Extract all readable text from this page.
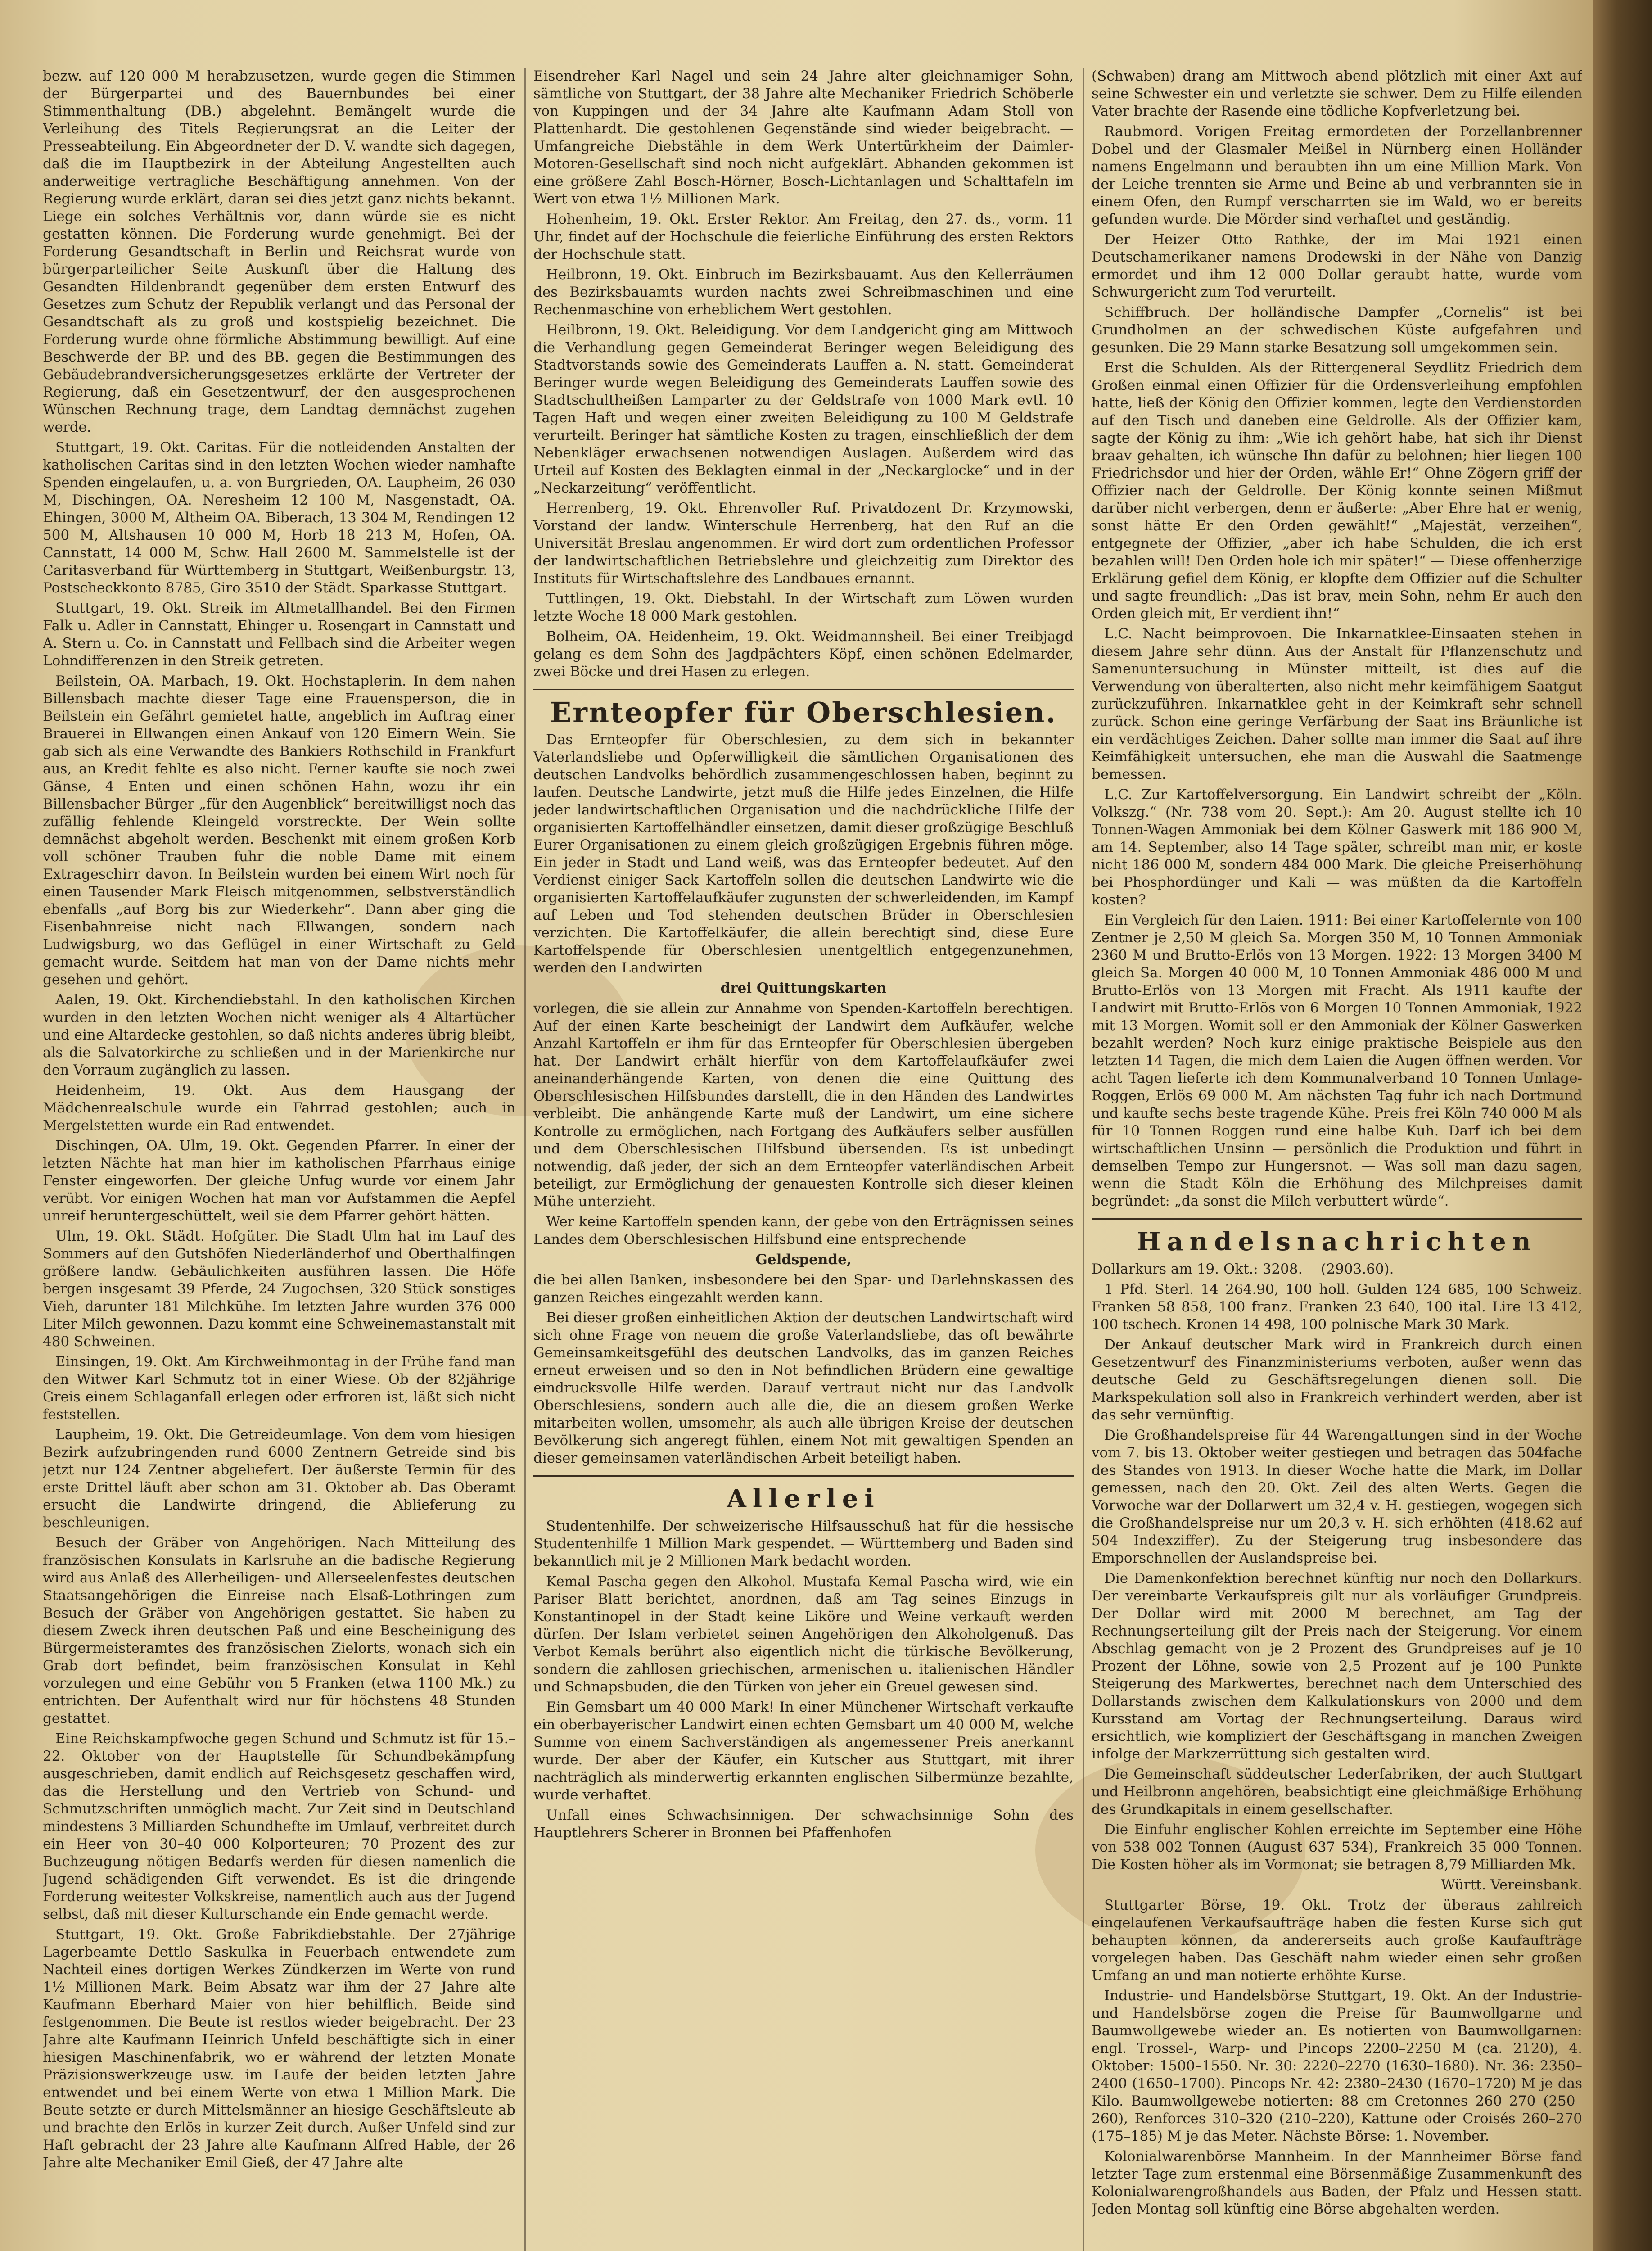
bezw. auf 120 000 M herabzusetzen, wurde gegen die Stimmen der Bürgerpartei und des Bauernbundes bei einer Stimmenthaltung (DB.) abgelehnt. Bemängelt wurde die Verleihung des Titels Regierungsrat an die Leiter der Presseabteilung. Ein Abgeordneter der D. V. wandte sich dagegen, daß die im Hauptbezirk in der Abteilung Angestellten auch anderweitige vertragliche Beschäftigung annehmen. Von der Regierung wurde erklärt, daran sei dies jetzt ganz nichts bekannt. Liege ein solches Verhältnis vor, dann würde sie es nicht gestatten können. Die Forderung wurde genehmigt. Bei der Forderung Gesandtschaft in Berlin und Reichsrat wurde von bürgerparteilicher Seite Auskunft über die Haltung des Gesandten Hildenbrandt gegenüber dem ersten Entwurf des Gesetzes zum Schutz der Republik verlangt und das Personal der Gesandtschaft als zu groß und kostspielig bezeichnet. Die Forderung wurde ohne förmliche Abstimmung bewilligt. Auf eine Beschwerde der BP. und des BB. gegen die Bestimmungen des Gebäudebrandversicherungsgesetzes erklärte der Vertreter der Regierung, daß ein Gesetzentwurf, der den ausgesprochenen Wünschen Rechnung trage, dem Landtag demnächst zugehen werde.

Stuttgart, 19. Okt. Caritas. Für die notleidenden Anstalten der katholischen Caritas sind in den letzten Wochen wieder namhafte Spenden eingelaufen, u. a. von Burgrieden, OA. Laupheim, 26 030 M, Dischingen, OA. Neresheim 12 100 M, Nasgenstadt, OA. Ehingen, 3000 M, Altheim OA. Biberach, 13 304 M, Rendingen 12 500 M, Altshausen 10 000 M, Horb 18 213 M, Hofen, OA. Cannstatt, 14 000 M, Schw. Hall 2600 M. Sammelstelle ist der Caritasverband für Württemberg in Stuttgart, Weißenburgstr. 13, Postscheckkonto 8785, Giro 3510 der Städt. Sparkasse Stuttgart.

Stuttgart, 19. Okt. Streik im Altmetallhandel. Bei den Firmen Falk u. Adler in Cannstatt, Ehinger u. Rosengart in Cannstatt und A. Stern u. Co. in Cannstatt und Fellbach sind die Arbeiter wegen Lohndifferenzen in den Streik getreten.

Beilstein, OA. Marbach, 19. Okt. Hochstaplerin. In dem nahen Billensbach machte dieser Tage eine Frauensperson, die in Beilstein ein Gefährt gemietet hatte, angeblich im Auftrag einer Brauerei in Ellwangen einen Ankauf von 120 Eimern Wein. Sie gab sich als eine Verwandte des Bankiers Rothschild in Frankfurt aus, an Kredit fehlte es also nicht. Ferner kaufte sie noch zwei Gänse, 4 Enten und einen schönen Hahn, wozu ihr ein Billensbacher Bürger „für den Augenblick“ bereitwilligst noch das zufällig fehlende Kleingeld vorstreckte. Der Wein sollte demnächst abgeholt werden. Beschenkt mit einem großen Korb voll schöner Trauben fuhr die noble Dame mit einem Extrageschirr davon. In Beilstein wurden bei einem Wirt noch für einen Tausender Mark Fleisch mitgenommen, selbstverständlich ebenfalls „auf Borg bis zur Wiederkehr“. Dann aber ging die Eisenbahnreise nicht nach Ellwangen, sondern nach Ludwigsburg, wo das Geflügel in einer Wirtschaft zu Geld gemacht wurde. Seitdem hat man von der Dame nichts mehr gesehen und gehört.

Aalen, 19. Okt. Kirchendiebstahl. In den katholischen Kirchen wurden in den letzten Wochen nicht weniger als 4 Altartücher und eine Altardecke gestohlen, so daß nichts anderes übrig bleibt, als die Salvatorkirche zu schließen und in der Marienkirche nur den Vorraum zugänglich zu lassen.

Heidenheim, 19. Okt. Aus dem Hausgang der Mädchenrealschule wurde ein Fahrrad gestohlen; auch in Mergelstetten wurde ein Rad entwendet.

Dischingen, OA. Ulm, 19. Okt. Gegenden Pfarrer. In einer der letzten Nächte hat man hier im katholischen Pfarrhaus einige Fenster eingeworfen. Der gleiche Unfug wurde vor einem Jahr verübt. Vor einigen Wochen hat man vor Aufstammen die Aepfel unreif heruntergeschüttelt, weil sie dem Pfarrer gehört hätten.

Ulm, 19. Okt. Städt. Hofgüter. Die Stadt Ulm hat im Lauf des Sommers auf den Gutshöfen Niederländerhof und Oberthalfingen größere landw. Gebäulichkeiten ausführen lassen. Die Höfe bergen insgesamt 39 Pferde, 24 Zugochsen, 320 Stück sonstiges Vieh, darunter 181 Milchkühe. Im letzten Jahre wurden 376 000 Liter Milch gewonnen. Dazu kommt eine Schweinemastanstalt mit 480 Schweinen.

Einsingen, 19. Okt. Am Kirchweihmontag in der Frühe fand man den Witwer Karl Schmutz tot in einer Wiese. Ob der 82jährige Greis einem Schlaganfall erlegen oder erfroren ist, läßt sich nicht feststellen.

Laupheim, 19. Okt. Die Getreideumlage. Von dem vom hiesigen Bezirk aufzubringenden rund 6000 Zentnern Getreide sind bis jetzt nur 124 Zentner abgeliefert. Der äußerste Termin für des erste Drittel läuft aber schon am 31. Oktober ab. Das Oberamt ersucht die Landwirte dringend, die Ablieferung zu beschleunigen.

Besuch der Gräber von Angehörigen. Nach Mitteilung des französischen Konsulats in Karlsruhe an die badische Regierung wird aus Anlaß des Allerheiligen- und Allerseelenfestes deutschen Staatsangehörigen die Einreise nach Elsaß-Lothringen zum Besuch der Gräber von Angehörigen gestattet. Sie haben zu diesem Zweck ihren deutschen Paß und eine Bescheinigung des Bürgermeisteramtes des französischen Zielorts, wonach sich ein Grab dort befindet, beim französischen Konsulat in Kehl vorzulegen und eine Gebühr von 5 Franken (etwa 1100 Mk.) zu entrichten. Der Aufenthalt wird nur für höchstens 48 Stunden gestattet.

Eine Reichskampfwoche gegen Schund und Schmutz ist für 15.–22. Oktober von der Hauptstelle für Schundbekämpfung ausgeschrieben, damit endlich auf Reichsgesetz geschaffen wird, das die Herstellung und den Vertrieb von Schund- und Schmutzschriften unmöglich macht. Zur Zeit sind in Deutschland mindestens 3 Milliarden Schundhefte im Umlauf, verbreitet durch ein Heer von 30–40 000 Kolporteuren; 70 Prozent des zur Buchzeugung nötigen Bedarfs werden für diesen namenlich die Jugend schädigenden Gift verwendet. Es ist die dringende Forderung weitester Volkskreise, namentlich auch aus der Jugend selbst, daß mit dieser Kulturschande ein Ende gemacht werde.

Stuttgart, 19. Okt. Große Fabrikdiebstahle. Der 27jährige Lagerbeamte Dettlo Saskulka in Feuerbach entwendete zum Nachteil eines dortigen Werkes Zündkerzen im Werte von rund 1½ Millionen Mark. Beim Absatz war ihm der 27 Jahre alte Kaufmann Eberhard Maier von hier behilflich. Beide sind festgenommen. Die Beute ist restlos wieder beigebracht. Der 23 Jahre alte Kaufmann Heinrich Unfeld beschäftigte sich in einer hiesigen Maschinenfabrik, wo er während der letzten Monate Präzisionswerkzeuge usw. im Laufe der beiden letzten Jahre entwendet und bei einem Werte von etwa 1 Million Mark. Die Beute setzte er durch Mittelsmänner an hiesige Geschäftsleute ab und brachte den Erlös in kurzer Zeit durch. Außer Unfeld sind zur Haft gebracht der 23 Jahre alte Kaufmann Alfred Hable, der 26 Jahre alte Mechaniker Emil Gieß, der 47 Jahre alte

Eisendreher Karl Nagel und sein 24 Jahre alter gleichnamiger Sohn, sämtliche von Stuttgart, der 38 Jahre alte Mechaniker Friedrich Schöberle von Kuppingen und der 34 Jahre alte Kaufmann Adam Stoll von Plattenhardt. Die gestohlenen Gegenstände sind wieder beigebracht. — Umfangreiche Diebstähle in dem Werk Untertürkheim der Daimler-Motoren-Gesellschaft sind noch nicht aufgeklärt. Abhanden gekommen ist eine größere Zahl Bosch-Hörner, Bosch-Lichtanlagen und Schalttafeln im Wert von etwa 1½ Millionen Mark.

Hohenheim, 19. Okt. Erster Rektor. Am Freitag, den 27. ds., vorm. 11 Uhr, findet auf der Hochschule die feierliche Einführung des ersten Rektors der Hochschule statt.

Heilbronn, 19. Okt. Einbruch im Bezirksbauamt. Aus den Kellerräumen des Bezirksbauamts wurden nachts zwei Schreibmaschinen und eine Rechenmaschine von erheblichem Wert gestohlen.

Heilbronn, 19. Okt. Beleidigung. Vor dem Landgericht ging am Mittwoch die Verhandlung gegen Gemeinderat Beringer wegen Beleidigung des Stadtvorstands sowie des Gemeinderats Lauffen a. N. statt. Gemeinderat Beringer wurde wegen Beleidigung des Gemeinderats Lauffen sowie des Stadtschultheißen Lamparter zu der Geldstrafe von 1000 Mark evtl. 10 Tagen Haft und wegen einer zweiten Beleidigung zu 100 M Geldstrafe verurteilt. Beringer hat sämtliche Kosten zu tragen, einschließlich der dem Nebenkläger erwachsenen notwendigen Auslagen. Außerdem wird das Urteil auf Kosten des Beklagten einmal in der „Neckarglocke“ und in der „Neckarzeitung“ veröffentlicht.

Herrenberg, 19. Okt. Ehrenvoller Ruf. Privatdozent Dr. Krzymowski, Vorstand der landw. Winterschule Herrenberg, hat den Ruf an die Universität Breslau angenommen. Er wird dort zum ordentlichen Professor der landwirtschaftlichen Betriebslehre und gleichzeitig zum Direktor des Instituts für Wirtschaftslehre des Landbaues ernannt.

Tuttlingen, 19. Okt. Diebstahl. In der Wirtschaft zum Löwen wurden letzte Woche 18 000 Mark gestohlen.

Bolheim, OA. Heidenheim, 19. Okt. Weidmannsheil. Bei einer Treibjagd gelang es dem Sohn des Jagdpächters Köpf, einen schönen Edelmarder, zwei Böcke und drei Hasen zu erlegen.

Ernteopfer für Oberschlesien.

Das Ernteopfer für Oberschlesien, zu dem sich in bekannter Vaterlandsliebe und Opferwilligkeit die sämtlichen Organisationen des deutschen Landvolks behördlich zusammengeschlossen haben, beginnt zu laufen. Deutsche Landwirte, jetzt muß die Hilfe jedes Einzelnen, die Hilfe jeder landwirtschaftlichen Organisation und die nachdrückliche Hilfe der organisierten Kartoffelhändler einsetzen, damit dieser großzügige Beschluß Eurer Organisationen zu einem gleich großzügigen Ergebnis führen möge. Ein jeder in Stadt und Land weiß, was das Ernteopfer bedeutet. Auf den Verdienst einiger Sack Kartoffeln sollen die deutschen Landwirte wie die organisierten Kartoffelaufkäufer zugunsten der schwerleidenden, im Kampf auf Leben und Tod stehenden deutschen Brüder in Oberschlesien verzichten. Die Kartoffelkäufer, die allein berechtigt sind, diese Eure Kartoffelspende für Oberschlesien unentgeltlich entgegenzunehmen, werden den Landwirten

drei Quittungskarten

vorlegen, die sie allein zur Annahme von Spenden-Kartoffeln berechtigen. Auf der einen Karte bescheinigt der Landwirt dem Aufkäufer, welche Anzahl Kartoffeln er ihm für das Ernteopfer für Oberschlesien übergeben hat. Der Landwirt erhält hierfür von dem Kartoffelaufkäufer zwei aneinanderhängende Karten, von denen die eine Quittung des Oberschlesischen Hilfsbundes darstellt, die in den Händen des Landwirtes verbleibt. Die anhängende Karte muß der Landwirt, um eine sichere Kontrolle zu ermöglichen, nach Fortgang des Aufkäufers selber ausfüllen und dem Oberschlesischen Hilfsbund übersenden. Es ist unbedingt notwendig, daß jeder, der sich an dem Ernteopfer vaterländischen Arbeit beteiligt, zur Ermöglichung der genauesten Kontrolle sich dieser kleinen Mühe unterzieht.

Wer keine Kartoffeln spenden kann, der gebe von den Erträgnissen seines Landes dem Oberschlesischen Hilfsbund eine entsprechende

Geldspende,

die bei allen Banken, insbesondere bei den Spar- und Darlehnskassen des ganzen Reiches eingezahlt werden kann.

Bei dieser großen einheitlichen Aktion der deutschen Landwirtschaft wird sich ohne Frage von neuem die große Vaterlandsliebe, das oft bewährte Gemeinsamkeitsgefühl des deutschen Landvolks, das im ganzen Reiches erneut erweisen und so den in Not befindlichen Brüdern eine gewaltige eindrucksvolle Hilfe werden. Darauf vertraut nicht nur das Landvolk Oberschlesiens, sondern auch alle die, die an diesem großen Werke mitarbeiten wollen, umsomehr, als auch alle übrigen Kreise der deutschen Bevölkerung sich angeregt fühlen, einem Not mit gewaltigen Spenden an dieser gemeinsamen vaterländischen Arbeit beteiligt haben.

Allerlei

Studentenhilfe. Der schweizerische Hilfsausschuß hat für die hessische Studentenhilfe 1 Million Mark gespendet. — Württemberg und Baden sind bekanntlich mit je 2 Millionen Mark bedacht worden.

Kemal Pascha gegen den Alkohol. Mustafa Kemal Pascha wird, wie ein Pariser Blatt berichtet, anordnen, daß am Tag seines Einzugs in Konstantinopel in der Stadt keine Liköre und Weine verkauft werden dürfen. Der Islam verbietet seinen Angehörigen den Alkoholgenuß. Das Verbot Kemals berührt also eigentlich nicht die türkische Bevölkerung, sondern die zahllosen griechischen, armenischen u. italienischen Händler und Schnapsbuden, die den Türken von jeher ein Greuel gewesen sind.

Ein Gemsbart um 40 000 Mark! In einer Münchener Wirtschaft verkaufte ein oberbayerischer Landwirt einen echten Gemsbart um 40 000 M, welche Summe von einem Sachverständigen als angemessener Preis anerkannt wurde. Der aber der Käufer, ein Kutscher aus Stuttgart, mit ihrer nachträglich als minderwertig erkannten englischen Silbermünze bezahlte, wurde verhaftet.

Unfall eines Schwachsinnigen. Der schwachsinnige Sohn des Hauptlehrers Scherer in Bronnen bei Pfaffenhofen

(Schwaben) drang am Mittwoch abend plötzlich mit einer Axt auf seine Schwester ein und verletzte sie schwer. Dem zu Hilfe eilenden Vater brachte der Rasende eine tödliche Kopfverletzung bei.

Raubmord. Vorigen Freitag ermordeten der Porzellanbrenner Dobel und der Glasmaler Meißel in Nürnberg einen Holländer namens Engelmann und beraubten ihn um eine Million Mark. Von der Leiche trennten sie Arme und Beine ab und verbrannten sie in einem Ofen, den Rumpf verscharrten sie im Wald, wo er bereits gefunden wurde. Die Mörder sind verhaftet und geständig.

Der Heizer Otto Rathke, der im Mai 1921 einen Deutschamerikaner namens Drodewski in der Nähe von Danzig ermordet und ihm 12 000 Dollar geraubt hatte, wurde vom Schwurgericht zum Tod verurteilt.

Schiffbruch. Der holländische Dampfer „Cornelis“ ist bei Grundholmen an der schwedischen Küste aufgefahren und gesunken. Die 29 Mann starke Besatzung soll umgekommen sein.

Erst die Schulden. Als der Rittergeneral Seydlitz Friedrich dem Großen einmal einen Offizier für die Ordensverleihung empfohlen hatte, ließ der König den Offizier kommen, legte den Verdienstorden auf den Tisch und daneben eine Geldrolle. Als der Offizier kam, sagte der König zu ihm: „Wie ich gehört habe, hat sich ihr Dienst braav gehalten, ich wünsche Ihn dafür zu belohnen; hier liegen 100 Friedrichsdor und hier der Orden, wähle Er!“ Ohne Zögern griff der Offizier nach der Geldrolle. Der König konnte seinen Mißmut darüber nicht verbergen, denn er äußerte: „Aber Ehre hat er wenig, sonst hätte Er den Orden gewählt!“ „Majestät, verzeihen“, entgegnete der Offizier, „aber ich habe Schulden, die ich erst bezahlen will! Den Orden hole ich mir später!“ — Diese offenherzige Erklärung gefiel dem König, er klopfte dem Offizier auf die Schulter und sagte freundlich: „Das ist brav, mein Sohn, nehm Er auch den Orden gleich mit, Er verdient ihn!“

L.C. Nacht beimprovoen. Die Inkarnatklee-Einsaaten stehen in diesem Jahre sehr dünn. Aus der Anstalt für Pflanzenschutz und Samenuntersuchung in Münster mitteilt, ist dies auf die Verwendung von überalterten, also nicht mehr keimfähigem Saatgut zurückzuführen. Inkarnatklee geht in der Keimkraft sehr schnell zurück. Schon eine geringe Verfärbung der Saat ins Bräunliche ist ein verdächtiges Zeichen. Daher sollte man immer die Saat auf ihre Keimfähigkeit untersuchen, ehe man die Auswahl die Saatmenge bemessen.

L.C. Zur Kartoffelversorgung. Ein Landwirt schreibt der „Köln. Volkszg.“ (Nr. 738 vom 20. Sept.): Am 20. August stellte ich 10 Tonnen-Wagen Ammoniak bei dem Kölner Gaswerk mit 186 900 M, am 14. September, also 14 Tage später, schreibt man mir, er koste nicht 186 000 M, sondern 484 000 Mark. Die gleiche Preiserhöhung bei Phosphordünger und Kali — was müßten da die Kartoffeln kosten?

Ein Vergleich für den Laien. 1911: Bei einer Kartoffelernte von 100 Zentner je 2,50 M gleich Sa. Morgen 350 M, 10 Tonnen Ammoniak 2360 M und Brutto-Erlös von 13 Morgen. 1922: 13 Morgen 3400 M gleich Sa. Morgen 40 000 M, 10 Tonnen Ammoniak 486 000 M und Brutto-Erlös von 13 Morgen mit Fracht. Als 1911 kaufte der Landwirt mit Brutto-Erlös von 6 Morgen 10 Tonnen Ammoniak, 1922 mit 13 Morgen. Womit soll er den Ammoniak der Kölner Gaswerken bezahlt werden? Noch kurz einige praktische Beispiele aus den letzten 14 Tagen, die mich dem Laien die Augen öffnen werden. Vor acht Tagen lieferte ich dem Kommunalverband 10 Tonnen Umlage-Roggen, Erlös 69 000 M. Am nächsten Tag fuhr ich nach Dortmund und kaufte sechs beste tragende Kühe. Preis frei Köln 740 000 M als für 10 Tonnen Roggen rund eine halbe Kuh. Darf ich bei dem wirtschaftlichen Unsinn — persönlich die Produktion und führt in demselben Tempo zur Hungersnot. — Was soll man dazu sagen, wenn die Stadt Köln die Erhöhung des Milchpreises damit begründet: „da sonst die Milch verbuttert würde“.

Handelsnachrichten

Dollarkurs am 19. Okt.: 3208.— (2903.60).

1 Pfd. Sterl. 14 264.90, 100 holl. Gulden 124 685, 100 Schweiz. Franken 58 858, 100 franz. Franken 23 640, 100 ital. Lire 13 412, 100 tschech. Kronen 14 498, 100 polnische Mark 30 Mark.

Der Ankauf deutscher Mark wird in Frankreich durch einen Gesetzentwurf des Finanzministeriums verboten, außer wenn das deutsche Geld zu Geschäftsregelungen dienen soll. Die Markspekulation soll also in Frankreich verhindert werden, aber ist das sehr vernünftig.

Die Großhandelspreise für 44 Warengattungen sind in der Woche vom 7. bis 13. Oktober weiter gestiegen und betragen das 504fache des Standes von 1913. In dieser Woche hatte die Mark, im Dollar gemessen, nach den 20. Okt. Zeil des alten Werts. Gegen die Vorwoche war der Dollarwert um 32,4 v. H. gestiegen, wogegen sich die Großhandelspreise nur um 20,3 v. H. sich erhöhten (418.62 auf 504 Indexziffer). Zu der Steigerung trug insbesondere das Emporschnellen der Auslandspreise bei.

Die Damenkonfektion berechnet künftig nur noch den Dollarkurs. Der vereinbarte Verkaufspreis gilt nur als vorläufiger Grundpreis. Der Dollar wird mit 2000 M berechnet, am Tag der Rechnungserteilung gilt der Preis nach der Steigerung. Vor einem Abschlag gemacht von je 2 Prozent des Grundpreises auf je 10 Prozent der Löhne, sowie von 2,5 Prozent auf je 100 Punkte Steigerung des Markwertes, berechnet nach dem Unterschied des Dollarstands zwischen dem Kalkulationskurs von 2000 und dem Kursstand am Vortag der Rechnungserteilung. Daraus wird ersichtlich, wie kompliziert der Geschäftsgang in manchen Zweigen infolge der Markzerrüttung sich gestalten wird.

Die Gemeinschaft süddeutscher Lederfabriken, der auch Stuttgart und Heilbronn angehören, beabsichtigt eine gleichmäßige Erhöhung des Grundkapitals in einem gesellschafter.

Die Einfuhr englischer Kohlen erreichte im September eine Höhe von 538 002 Tonnen (August 637 534), Frankreich 35 000 Tonnen. Die Kosten höher als im Vormonat; sie betragen 8,79 Milliarden Mk.

Württ. Vereinsbank.

Stuttgarter Börse, 19. Okt. Trotz der überaus zahlreich eingelaufenen Verkaufsaufträge haben die festen Kurse sich gut behaupten können, da andererseits auch große Kaufaufträge vorgelegen haben. Das Geschäft nahm wieder einen sehr großen Umfang an und man notierte erhöhte Kurse.

Industrie- und Handelsbörse Stuttgart, 19. Okt. An der Industrie- und Handelsbörse zogen die Preise für Baumwollgarne und Baumwollgewebe wieder an. Es notierten von Baumwollgarnen: engl. Trossel-, Warp- und Pincops 2200–2250 M (ca. 2120), 4. Oktober: 1500–1550. Nr. 30: 2220–2270 (1630–1680). Nr. 36: 2350–2400 (1650–1700). Pincops Nr. 42: 2380–2430 (1670–1720) M je das Kilo. Baumwollgewebe notierten: 88 cm Cretonnes 260–270 (250–260), Renforces 310–320 (210–220), Kattune oder Croisés 260–270 (175–185) M je das Meter. Nächste Börse: 1. November.

Kolonialwarenbörse Mannheim. In der Mannheimer Börse fand letzter Tage zum erstenmal eine Börsenmäßige Zusammenkunft des Kolonialwarengroßhandels aus Baden, der Pfalz und Hessen statt. Jeden Montag soll künftig eine Börse abgehalten werden.
